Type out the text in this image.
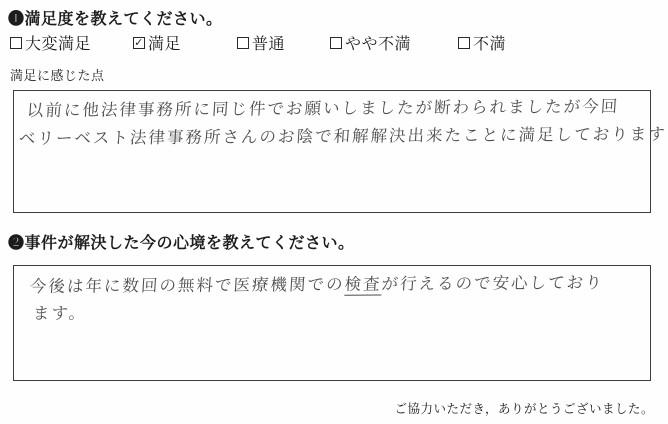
❶満足度を教えてください。
大変満足	✓ 満足	普通	やや不満	不満
満足に感じた点
以前に他法律事務所に同じ件でお願いしましたが断わられましたが今回
ベリーベスト法律事務所さんのお陰で和解解決出来たことに満足しております
❷事件が解決した今の心境を教えてください。
今後は年に数回の無料で医療機関での検査が行えるので安心しており
ます。
ご協力いただき，ありがとうございました。
